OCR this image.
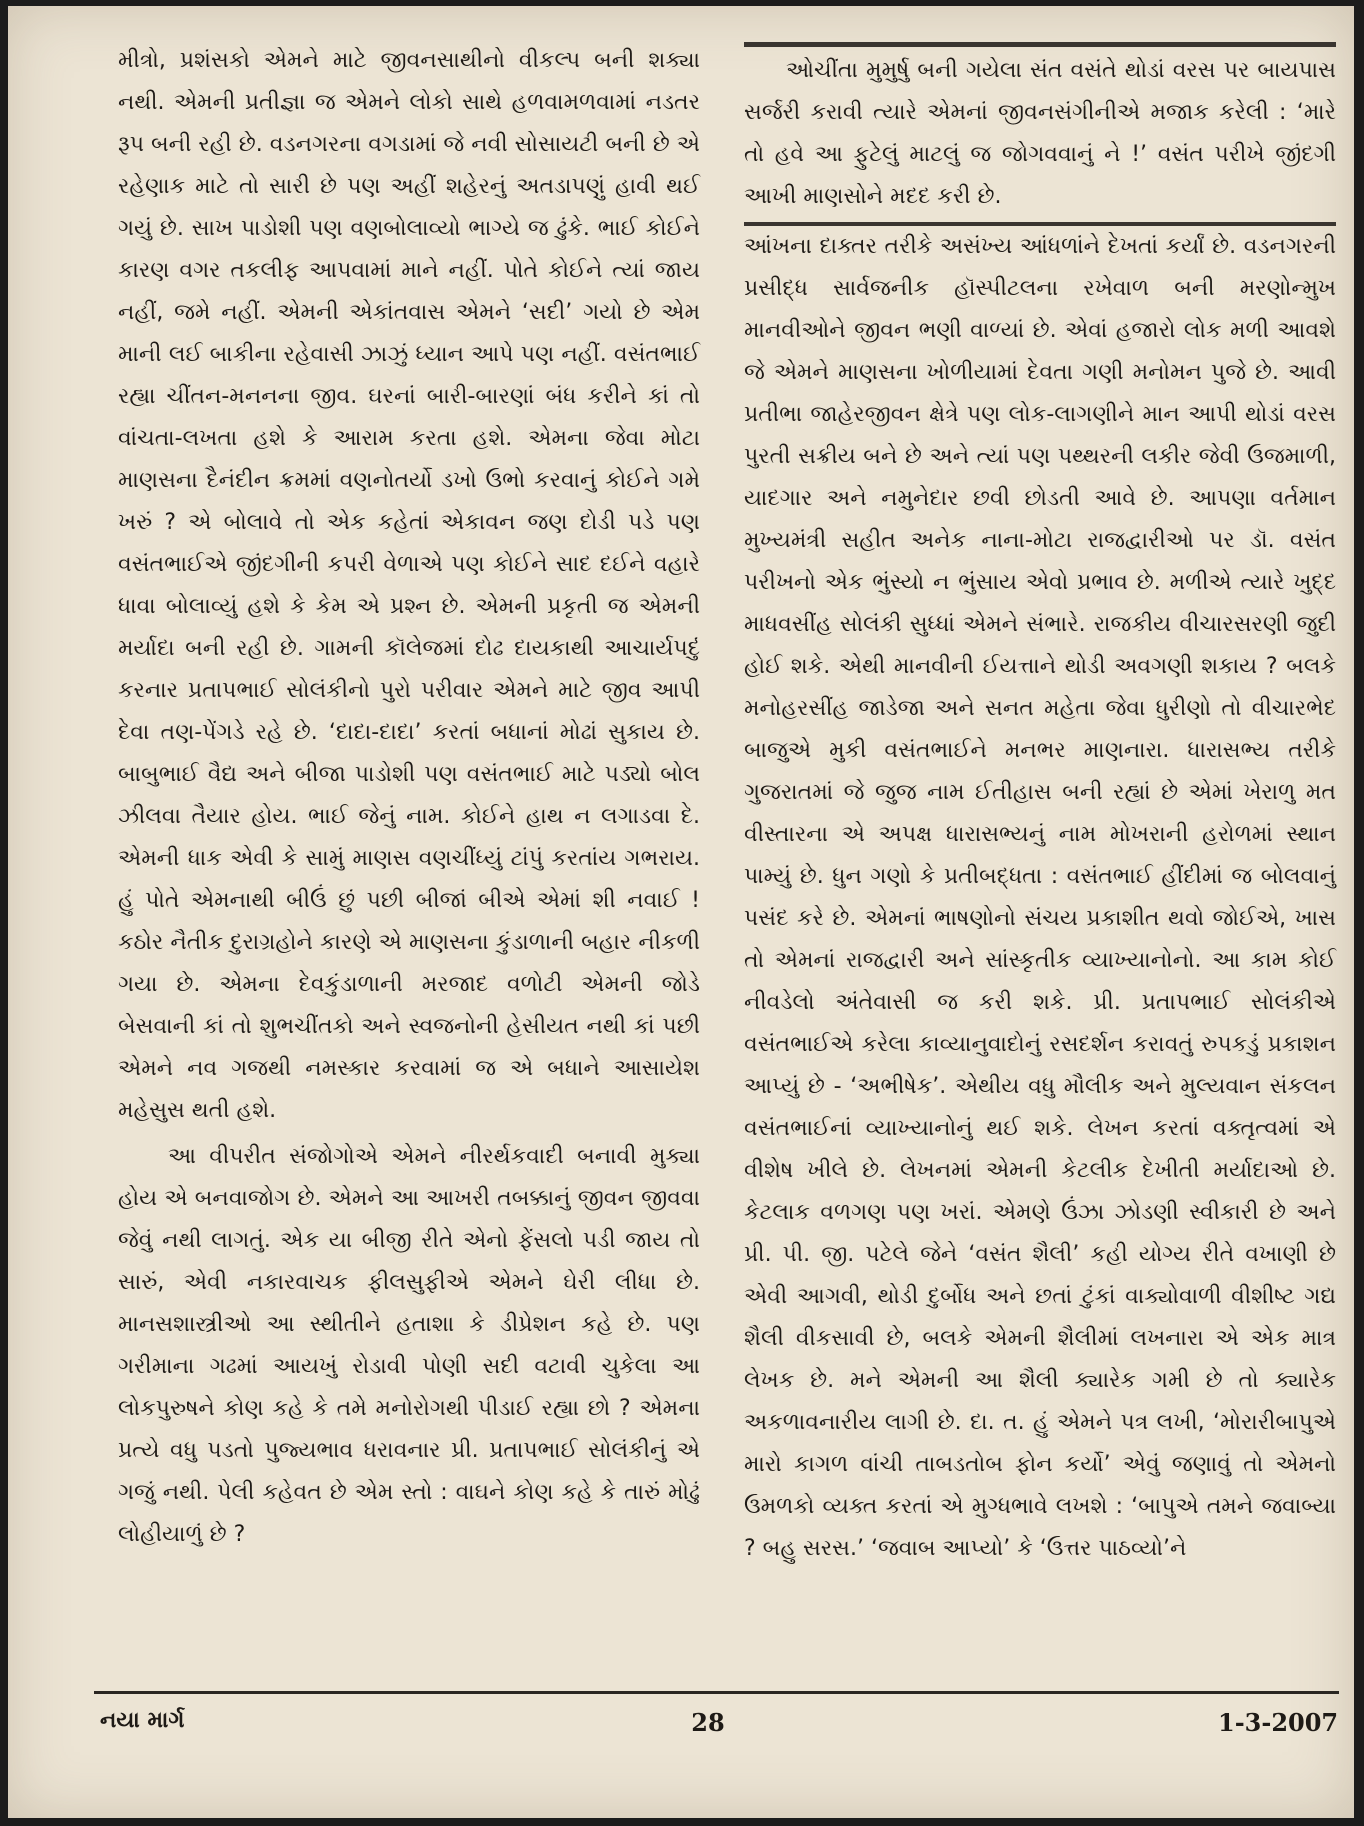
મીત્રો, પ્રશંસકો એમને માટે જીવનસાથીનો વીકલ્પ બની શક્યા નથી. એમની પ્રતીજ્ઞા જ એમને લોકો સાથે હળવામળવામાં નડતર રૂપ બની રહી છે. વડનગરના વગડામાં જે નવી સોસાયટી બની છે એ રહેણાક માટે તો સારી છે પણ અહીં શહેરનું અતડાપણું હાવી થઈ ગયું છે. સાખ પાડોશી પણ વણબોલાવ્યો ભાગ્યે જ ઢુંકે. ભાઈ કોઈને કારણ વગર તકલીફ આપવામાં માને નહીં. પોતે કોઈને ત્યાં જાય નહીં, જમે નહીં. એમની એકાંતવાસ એમને ‘સદી’ ગયો છે એમ માની લઈ બાકીના રહેવાસી ઝાઝું ધ્યાન આપે પણ નહીં. વસંતભાઈ રહ્યા ચીંતન-મનનના જીવ. ઘરનાં બારી-બારણાં બંધ કરીને કાં તો વાંચતા-લખતા હશે કે આરામ કરતા હશે. એમના જેવા મોટા માણસના દૈનંદીન ક્રમમાં વણનોતર્યો ડખો ઉભો કરવાનું કોઈને ગમે ખરું ? એ બોલાવે તો એક કહેતાં એકાવન જણ દોડી પડે પણ વસંતભાઈએ જીંદગીની કપરી વેળાએ પણ કોઈને સાદ દઈને વહારે ધાવા બોલાવ્યું હશે કે કેમ એ પ્રશ્ન છે. એમની પ્રકૃતી જ એમની મર્યાદા બની રહી છે. ગામની કૉલેજમાં દોઢ દાયકાથી આચાર્યપદું કરનાર પ્રતાપભાઈ સોલંકીનો પુરો પરીવાર એમને માટે જીવ આપી દેવા તણ-પેંગડે રહે છે. ‘દાદા-દાદા’ કરતાં બધાનાં મોઢાં સુકાય છે. બાબુભાઈ વૈદ્ય અને બીજા પાડોશી પણ વસંતભાઈ માટે પડ્યો બોલ ઝીલવા તૈયાર હોય. ભાઈ જેનું નામ. કોઈને હાથ ન લગાડવા દે. એમની ધાક એવી કે સામું માણસ વણચીંધ્યું ટાંપું કરતાંય ગભરાય. હું પોતે એમનાથી બીઉં છું પછી બીજાં બીએ એમાં શી નવાઈ ! કઠોર નૈતીક દુરાગ્રહોને કારણે એ માણસના કુંડાળાની બહાર નીકળી ગયા છે. એમના દેવકુંડાળાની મરજાદ વળોટી એમની જોડે બેસવાની કાં તો શુભચીંતકો અને સ્વજનોની હેસીયત નથી કાં પછી એમને નવ ગજથી નમસ્કાર કરવામાં જ એ બધાને આસાયેશ મહેસુસ થતી હશે.

આ વીપરીત સંજોગોએ એમને નીરર્થકવાદી બનાવી મુક્યા હોય એ બનવાજોગ છે. એમને આ આખરી તબક્કાનું જીવન જીવવા જેવું નથી લાગતું. એક યા બીજી રીતે એનો ફેંસલો પડી જાય તો સારું, એવી નકારવાચક ફીલસુફીએ એમને ઘેરી લીધા છે. માનસશાસ્ત્રીઓ આ સ્થીતીને હતાશા કે ડીપ્રેશન કહે છે. પણ ગરીમાના ગઢમાં આયખું રોડાવી પોણી સદી વટાવી ચુકેલા આ લોકપુરુષને કોણ કહે કે તમે મનોરોગથી પીડાઈ રહ્યા છો ? એમના પ્રત્યે વધુ પડતો પુજ્યભાવ ધરાવનાર પ્રી. પ્રતાપભાઈ સોલંકીનું એ ગજું નથી. પેલી કહેવત છે એમ સ્તો : વાઘને કોણ કહે કે તારું મોઢું લોહીયાળું છે ?

ઓચીંતા મુમુર્ષુ બની ગયેલા સંત વસંતે થોડાં વરસ પર બાયપાસ સર્જરી કરાવી ત્યારે એમનાં જીવનસંગીનીએ મજાક કરેલી : ‘મારે તો હવે આ ફુટેલું માટલું જ જોગવવાનું ને !’ વસંત પરીખે જીંદગી આખી માણસોને મદદ કરી છે.

આંખના દાક્તર તરીકે અસંખ્ય આંધળાંને દેખતાં કર્યાં છે. વડનગરની પ્રસીદ્ધ સાર્વજનીક હૉસ્પીટલના રખેવાળ બની મરણોન્મુખ માનવીઓને જીવન ભણી વાળ્યાં છે. એવાં હજારો લોક મળી આવશે જે એમને માણસના ખોળીયામાં દેવતા ગણી મનોમન પુજે છે. આવી પ્રતીભા જાહેરજીવન ક્ષેત્રે પણ લોક-લાગણીને માન આપી થોડાં વરસ પુરતી સક્રીય બને છે અને ત્યાં પણ પથ્થરની લકીર જેવી ઉજમાળી, યાદગાર અને નમુનેદાર છવી છોડતી આવે છે. આપણા વર્તમાન મુખ્યમંત્રી સહીત અનેક નાના-મોટા રાજદ્વારીઓ પર ડૉ. વસંત પરીખનો એક ભુંસ્યો ન ભુંસાય એવો પ્રભાવ છે. મળીએ ત્યારે ખુદ્દ માધવસીંહ સોલંકી સુધ્ધાં એમને સંભારે. રાજકીય વીચારસરણી જુદી હોઈ શકે. એથી માનવીની ઈયત્તાને થોડી અવગણી શકાય ? બલકે મનોહરસીંહ જાડેજા અને સનત મહેતા જેવા ધુરીણો તો વીચારભેદ બાજુએ મુકી વસંતભાઈને મનભર માણનારા. ધારાસભ્ય તરીકે ગુજરાતમાં જે જુજ નામ ઈતીહાસ બની રહ્યાં છે એમાં ખેરાળુ મત વીસ્તારના એ અપક્ષ ધારાસભ્યનું નામ મોખરાની હરોળમાં સ્થાન પામ્યું છે. ધુન ગણો કે પ્રતીબદ્ધતા : વસંતભાઈ હીંદીમાં જ બોલવાનું પસંદ કરે છે. એમનાં ભાષણોનો સંચય પ્રકાશીત થવો જોઈએ, ખાસ તો એમનાં રાજદ્વારી અને સાંસ્કૃતીક વ્યાખ્યાનોનો. આ કામ કોઈ નીવડેલો અંતેવાસી જ કરી શકે. પ્રી. પ્રતાપભાઈ સોલંકીએ વસંતભાઈએ કરેલા કાવ્યાનુવાદોનું રસદર્શન કરાવતું રુપકડું પ્રકાશન આપ્યું છે - ‘અભીષેક’. એથીય વધુ મૌલીક અને મુલ્યવાન સંકલન વસંતભાઈનાં વ્યાખ્યાનોનું થઈ શકે. લેખન કરતાં વક્તૃત્વમાં એ વીશેષ ખીલે છે. લેખનમાં એમની કેટલીક દેખીતી મર્યાદાઓ છે. કેટલાક વળગણ પણ ખરાં. એમણે ઉંઝા ઝોડણી સ્વીકારી છે અને પ્રી. પી. જી. પટેલે જેને ‘વસંત શૈલી’ કહી યોગ્ય રીતે વખાણી છે એવી આગવી, થોડી દુર્બોધ અને છતાં ટુંકાં વાક્યોવાળી વીશીષ્ટ ગદ્ય શૈલી વીકસાવી છે, બલકે એમની શૈલીમાં લખનારા એ એક માત્ર લેખક છે. મને એમની આ શૈલી ક્યારેક ગમી છે તો ક્યારેક અકળાવનારીય લાગી છે. દા. ત. હું એમને પત્ર લખી, ‘મોરારીબાપુએ મારો કાગળ વાંચી તાબડતોબ ફોન કર્યો’ એવું જણાવું તો એમનો ઉમળકો વ્યક્ત કરતાં એ મુગ્ધભાવે લખશે : ‘બાપુએ તમને જવાબ્યા ? બહુ સરસ.’ ‘જવાબ આપ્યો’ કે ‘ઉત્તર પાઠવ્યો’ને

નયા માર્ગ	28	1-3-2007
